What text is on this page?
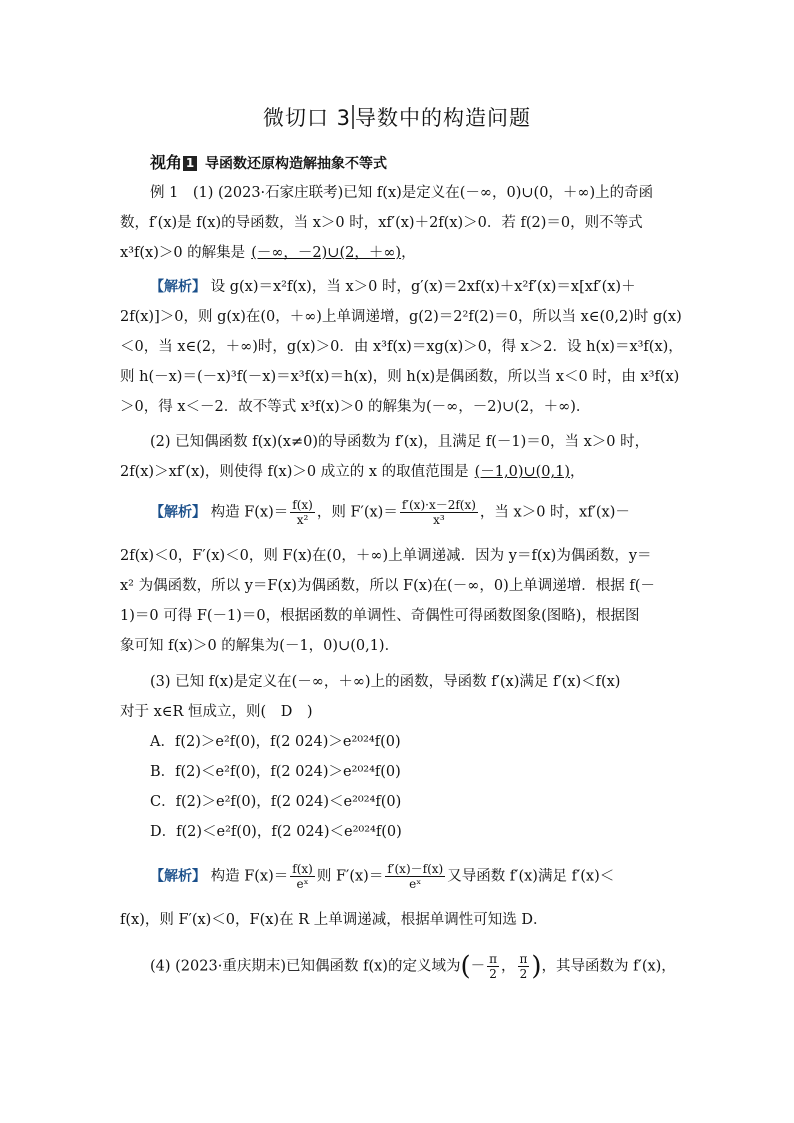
微切口 3 导数中的构造问题
视角 1 导函数还原构造解抽象不等式
例 1　(1) (2023·石家庄联考)已知 f(x)是定义在(－∞，0)∪(0，＋∞)上的奇函
数，f′(x)是 f(x)的导函数，当 x＞0 时，xf′(x)＋2f(x)＞0．若 f(2)＝0，则不等式
x³f(x)＞0 的解集是 (－∞，－2)∪(2，＋∞)，
【解析】 设 g(x)＝x²f(x)，当 x＞0 时，g′(x)＝2xf(x)＋x²f′(x)＝x[xf′(x)＋
2f(x)]＞0，则 g(x)在(0，＋∞)上单调递增，g(2)＝2²f(2)＝0，所以当 x∈(0,2)时 g(x)
＜0，当 x∈(2，＋∞)时，g(x)＞0．由 x³f(x)＝xg(x)＞0，得 x＞2．设 h(x)＝x³f(x)，
则 h(－x)＝(－x)³f(－x)＝x³f(x)＝h(x)，则 h(x)是偶函数，所以当 x＜0 时，由 x³f(x)
＞0，得 x＜－2．故不等式 x³f(x)＞0 的解集为(－∞，－2)∪(2，＋∞)．
(2) 已知偶函数 f(x)(x≠0)的导函数为 f′(x)，且满足 f(－1)＝0，当 x＞0 时，
2f(x)＞xf′(x)，则使得 f(x)＞0 成立的 x 的取值范围是 (－1,0)∪(0,1)，
【解析】 构造 $F(x)= \frac{f(x)}{\text{x²}}$ ，则 $F'(x)= \frac{f'(x)\cdot x-2f(x)}{\text{x³}}$ ，当 x＞0 时，xf′(x)－
2f(x)＜0，F′(x)＜0，则 F(x)在(0，＋∞)上单调递减．因为 y＝f(x)为偶函数，y＝
x² 为偶函数，所以 y＝F(x)为偶函数，所以 F(x)在(－∞，0)上单调递增．根据 f(－
1)＝0 可得 F(－1)＝0，根据函数的单调性、奇偶性可得函数图象(图略)，根据图
象可知 f(x)＞0 的解集为(－1，0)∪(0,1)．
(3) 已知 f(x)是定义在(－∞，＋∞)上的函数，导函数 f′(x)满足 f′(x)＜f(x)
对于 x∈R 恒成立，则(　D　)
A．f(2)＞e²f(0)，f(2 024)＞e²⁰²⁴f(0)
B．f(2)＜e²f(0)，f(2 024)＞e²⁰²⁴f(0)
C．f(2)＞e²f(0)，f(2 024)＜e²⁰²⁴f(0)
D．f(2)＜e²f(0)，f(2 024)＜e²⁰²⁴f(0)
【解析】 构造 $F(x)= \frac{f(x)}{\text{eˣ}}$ 则 $F'(x)= \frac{f'(x)-f(x)}{\text{eˣ}}$ 又导函数 f′(x)满足 f′(x)＜
f(x)，则 F′(x)＜0，F(x)在 R 上单调递减，根据单调性可知选 D．
(4) (2023·重庆期末)已知偶函数 f(x)的定义域为(－ $\frac{\pi}{2}$ ， $\frac{\pi}{2}$ )，其导函数为 f′(x)，
